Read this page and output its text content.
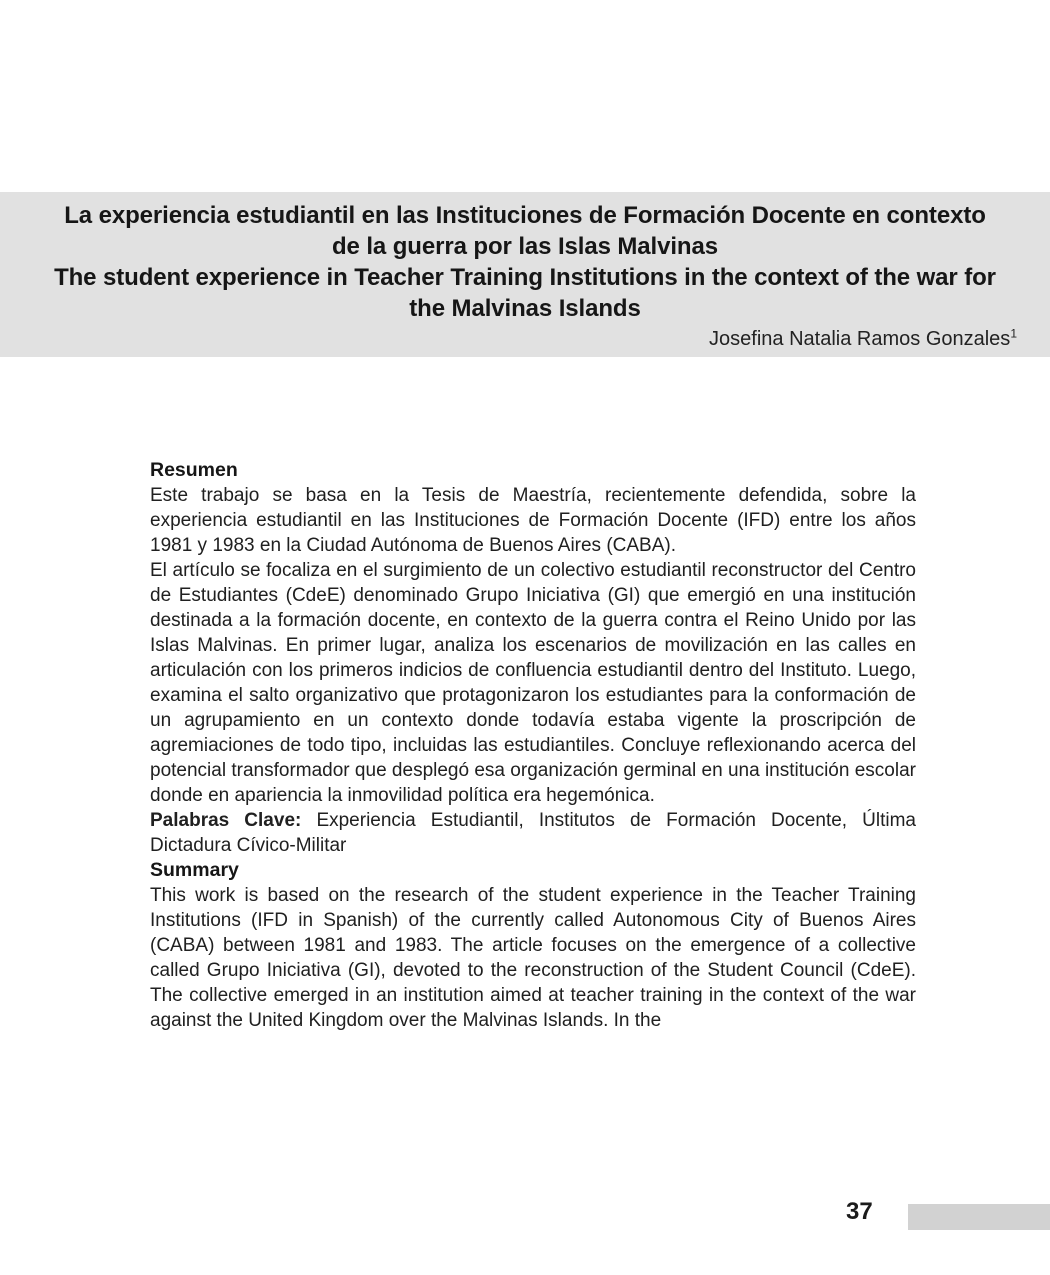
La experiencia estudiantil en las Instituciones de Formación Docente en contexto
de la guerra por las Islas Malvinas
The student experience in Teacher Training Institutions in the context of the war for
the Malvinas Islands
Josefina Natalia Ramos Gonzales$^1$
Resumen

Este trabajo se basa en la Tesis de Maestría, recientemente defendida, sobre la experiencia estudiantil en las Instituciones de Formación Docente (IFD) entre los años 1981 y 1983 en la Ciudad Autónoma de Buenos Aires (CABA).

El artículo se focaliza en el surgimiento de un colectivo estudiantil reconstructor del Centro de Estudiantes (CdeE) denominado Grupo Iniciativa (GI) que emergió en una institución destinada a la formación docente, en contexto de la guerra contra el Reino Unido por las Islas Malvinas. En primer lugar, analiza los escenarios de movilización en las calles en articulación con los primeros indicios de confluencia estudiantil dentro del Instituto. Luego, examina el salto organizativo que protagonizaron los estudiantes para la conformación de un agrupamiento en un contexto donde todavía estaba vigente la proscripción de agremiaciones de todo tipo, incluidas las estudiantiles. Concluye reflexionando acerca del potencial transformador que desplegó esa organización germinal en una institución escolar donde en apariencia la inmovilidad política era hegemónica.

Palabras Clave: Experiencia Estudiantil, Institutos de Formación Docente, Última Dictadura Cívico-Militar

Summary

This work is based on the research of the student experience in the Teacher Training Institutions (IFD in Spanish) of the currently called Autonomous City of Buenos Aires (CABA) between 1981 and 1983. The article focuses on the emergence of a collective called Grupo Iniciativa (GI), devoted to the reconstruction of the Student Council (CdeE). The collective emerged in an institution aimed at teacher training in the context of the war against the United Kingdom over the Malvinas Islands. In the

37
